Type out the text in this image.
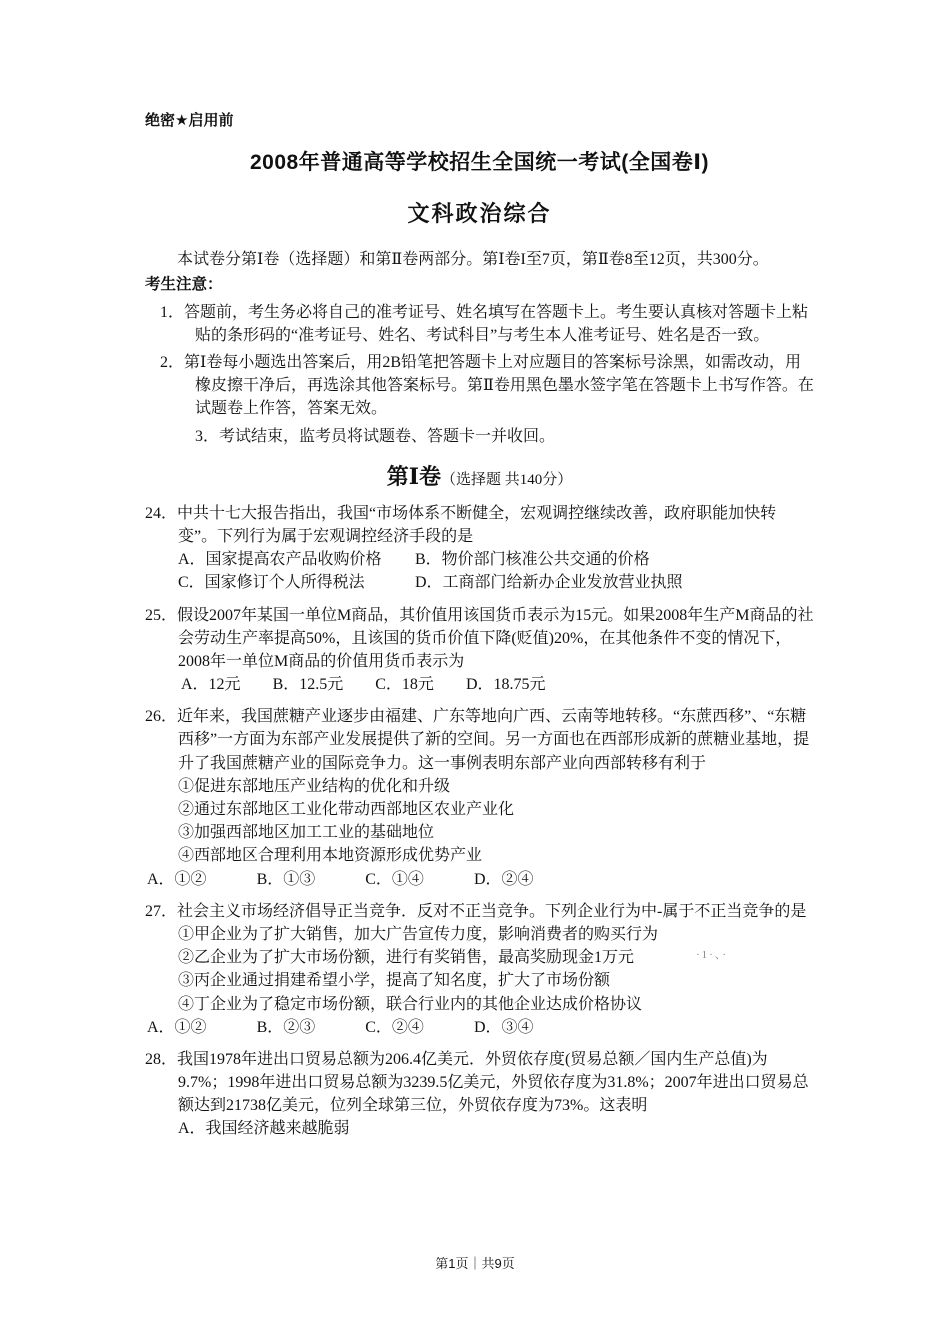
绝密★启用前
2008年普通高等学校招生全国统一考试(全国卷Ⅰ)
文科政治综合

本试卷分第Ⅰ卷（选择题）和第Ⅱ卷两部分。第Ⅰ卷I至7页，第Ⅱ卷8至12页，共300分。

考生注意：

1．答题前，考生务必将自己的准考证号、姓名填写在答题卡上。考生要认真核对答题卡上粘贴的条形码的“准考证号、姓名、考试科目”与考生本人准考证号、姓名是否一致。

2．第Ⅰ卷每小题选出答案后，用2B铅笔把答题卡上对应题目的答案标号涂黑，如需改动，用橡皮擦干净后，再选涂其他答案标号。第Ⅱ卷用黑色墨水签字笔在答题卡上书写作答。在试题卷上作答，答案无效。

3．考试结束，监考员将试题卷、答题卡一并收回。

第Ⅰ卷（选择题 共140分）

24．中共十七大报告指出，我国“市场体系不断健全，宏观调控继续改善，政府职能加快转变”。下列行为属于宏观调控经济手段的是

A．国家提高农产品收购价格	B．物价部门核准公共交通的价格
C．国家修订个人所得税法	D．工商部门给新办企业发放营业执照

25．假设2007年某国一单位M商品，其价值用该国货币表示为15元。如果2008年生产M商品的社会劳动生产率提高50%，且该国的货币价值下降(贬值)20%，在其他条件不变的情况下，2008年一单位M商品的价值用货币表示为

A．12元 B．12.5元 C．18元 D．18.75元

26．近年来，我国蔗糖产业逐步由福建、广东等地向广西、云南等地转移。“东蔗西移”、“东糖西移”一方面为东部产业发展提供了新的空间。另一方面也在西部形成新的蔗糖业基地，提升了我国蔗糖产业的国际竞争力。这一事例表明东部产业向西部转移有利于

①促进东部地压产业结构的优化和升级
②通过东部地区工业化带动西部地区农业产业化
③加强西部地区加工工业的基础地位
④西部地区合理利用本地资源形成优势产业
A．①②	B．①③	C．①④	D．②④

27．社会主义市场经济倡导正当竞争．反对不正当竞争。下列企业行为中-属于不正当竞争的是

①甲企业为了扩大销售，加大广告宣传力度，影响消费者的购买行为
②乙企业为了扩大市场份额，进行有奖销售，最高奖励现金1万元
③丙企业通过捐建希望小学，提高了知名度，扩大了市场份额
④丁企业为了稳定市场份额，联合行业内的其他企业达成价格协议
A．①②	B．②③	C．②④	D．③④

28．我国1978年进出口贸易总额为206.4亿美元．外贸依存度(贸易总额／国内生产总值)为9.7%；1998年进出口贸易总额为3239.5亿美元，外贸依存度为31.8%；2007年进出口贸易总额达到21738亿美元，位列全球第三位，外贸依存度为73%。这表明

A．我国经济越来越脆弱

·1·、·
第1页｜共9页
